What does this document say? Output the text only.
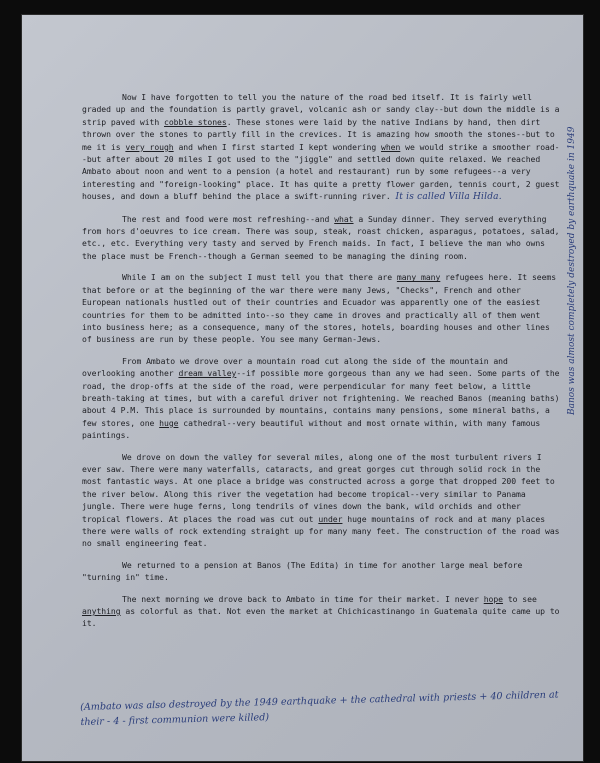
Now I have forgotten to tell you the nature of the road bed itself. It is fairly well graded up and the foundation is partly gravel, volcanic ash or sandy clay--but down the middle is a strip paved with cobble stones. These stones were laid by the native Indians by hand, then dirt thrown over the stones to partly fill in the crevices. It is amazing how smooth the stones--but to me it is very rough and when I first started I kept wondering when we would strike a smoother road--but after about 20 miles I got used to the "jiggle" and settled down quite relaxed. We reached Ambato about noon and went to a pension (a hotel and restaurant) run by some refugees--a very interesting and "foreign-looking" place. It has quite a pretty flower garden, tennis court, 2 guest houses, and down a bluff behind the place a swift-running river. It is called Villa Hilda.

The rest and food were most refreshing--and what a Sunday dinner. They served everything from hors d'oeuvres to ice cream. There was soup, steak, roast chicken, asparagus, potatoes, salad, etc., etc. Everything very tasty and served by French maids. In fact, I believe the man who owns the place must be French--though a German seemed to be managing the dining room.

While I am on the subject I must tell you that there are many many refugees here. It seems that before or at the beginning of the war there were many Jews, "Checks", French and other European nationals hustled out of their countries and Ecuador was apparently one of the easiest countries for them to be admitted into--so they came in droves and practically all of them went into business here; as a consequence, many of the stores, hotels, boarding houses and other lines of business are run by these people. You see many German-Jews.

From Ambato we drove over a mountain road cut along the side of the mountain and overlooking another dream valley--if possible more gorgeous than any we had seen. Some parts of the road, the drop-offs at the side of the road, were perpendicular for many feet below, a little breath-taking at times, but with a careful driver not frightening. We reached Banos (meaning baths) about 4 P.M. This place is surrounded by mountains, contains many pensions, some mineral baths, a few stores, one huge cathedral--very beautiful without and most ornate within, with many famous paintings.

We drove on down the valley for several miles, along one of the most turbulent rivers I ever saw. There were many waterfalls, cataracts, and great gorges cut through solid rock in the most fantastic ways. At one place a bridge was constructed across a gorge that dropped 200 feet to the river below. Along this river the vegetation had become tropical--very similar to Panama jungle. There were huge ferns, long tendrils of vines down the bank, wild orchids and other tropical flowers. At places the road was cut out under huge mountains of rock and at many places there were walls of rock extending straight up for many many feet. The construction of the road was no small engineering feat.

We returned to a pension at Banos (The Edita) in time for another large meal before "turning in" time.

The next morning we drove back to Ambato in time for their market. I never hope to see anything as colorful as that. Not even the market at Chichicastinango in Guatemala quite came up to it.

Banos was almost completely destroyed by earthquake in 1949
(Ambato was also destroyed by the 1949 earthquake + the cathedral with priests + 40 children at their - 4 - first communion were killed)
